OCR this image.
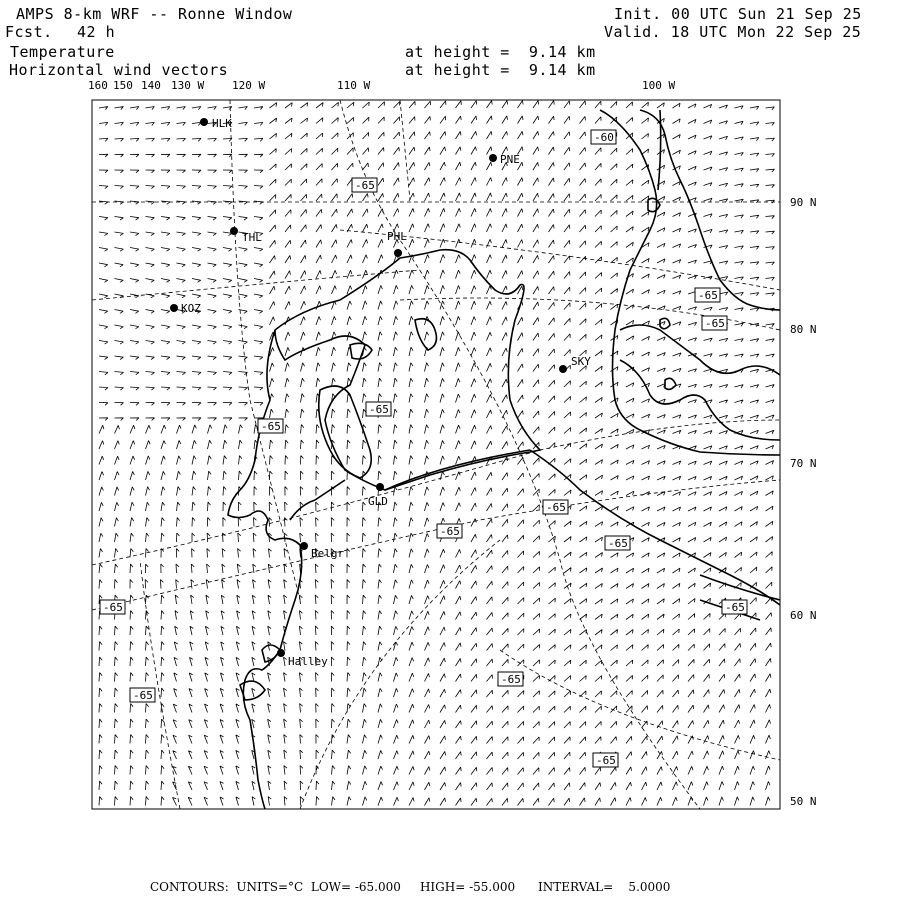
AMPS 8-km WRF -- Ronne Window
Fcst. 42 h
Init. 00 UTC Sun 21 Sep 25
Valid. 18 UTC Mon 22 Sep 25
Temperature
Horizontal wind vectors
at height =  9.14 km
at height =  9.14 km
160 150 140 130 W	120 W	110 W	100 W
90 N
80 N
70 N
60 N
50 N
HLK
PNE
THL	PHL
KOZ
SKY
GLD
Belgr
Halley
-60
-65
-65
-65
-65
-65
-65
-65
-65
-65	-65
-65
-65
-65
CONTOURS:  UNITS=°C  LOW= -65.000     HIGH= -55.000      INTERVAL=    5.0000
